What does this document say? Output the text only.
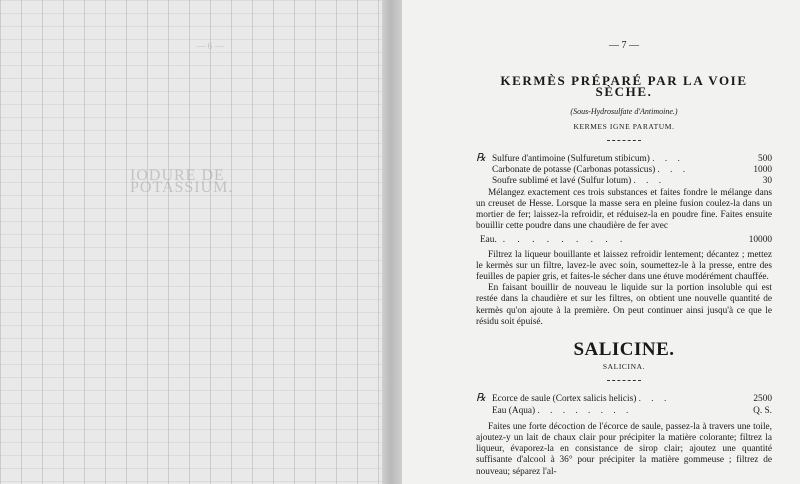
— 6 —
IODURE DE POTASSIUM.
— 7 —
KERMÈS PRÉPARÉ PAR LA VOIE SÈCHE.
(Sous-Hydrosulfate d'Antimoine.)
KERMES IGNE PARATUM.
℞ Sulfure d'antimoine (Sulfuretum stibicum) . . .	500
Carbonate de potasse (Carbonas potassicus) . . .	1000
Soufre sublimé et lavé (Sulfur lotum) . . .	30

Mélangez exactement ces trois substances et faites fondre le mélange dans un creuset de Hesse. Lorsque la masse sera en pleine fusion coulez-la dans un mortier de fer; laissez-la refroidir, et réduisez-la en poudre fine. Faites ensuite bouillir cette poudre dans une chaudière de fer avec

Eau. . . . . . . . . .	10000

Filtrez la liqueur bouillante et laissez refroidir lentement; décantez ; mettez le kermès sur un filtre, lavez-le avec soin, soumettez-le à la presse, entre des feuilles de papier gris, et faites-le sécher dans une étuve modérément chauffée.

En faisant bouillir de nouveau le liquide sur la portion insoluble qui est restée dans la chaudière et sur les filtres, on obtient une nouvelle quantité de kermès qu'on ajoute à la première. On peut continuer ainsi jusqu'à ce que le résidu soit épuisé.

SALICINE.
SALICINA.
℞ Écorce de saule (Cortex salicis helicis) . . .	2500
Eau (Aqua) . . . . . . . .	Q. S.

Faites une forte décoction de l'écorce de saule, passez-la à travers une toile, ajoutez-y un lait de chaux clair pour précipiter la matière colorante; filtrez la liqueur, évaporez-la en consistance de sirop clair; ajoutez une quantité suffisante d'alcool à 36° pour précipiter la matière gommeuse ; filtrez de nouveau; séparez l'al-
